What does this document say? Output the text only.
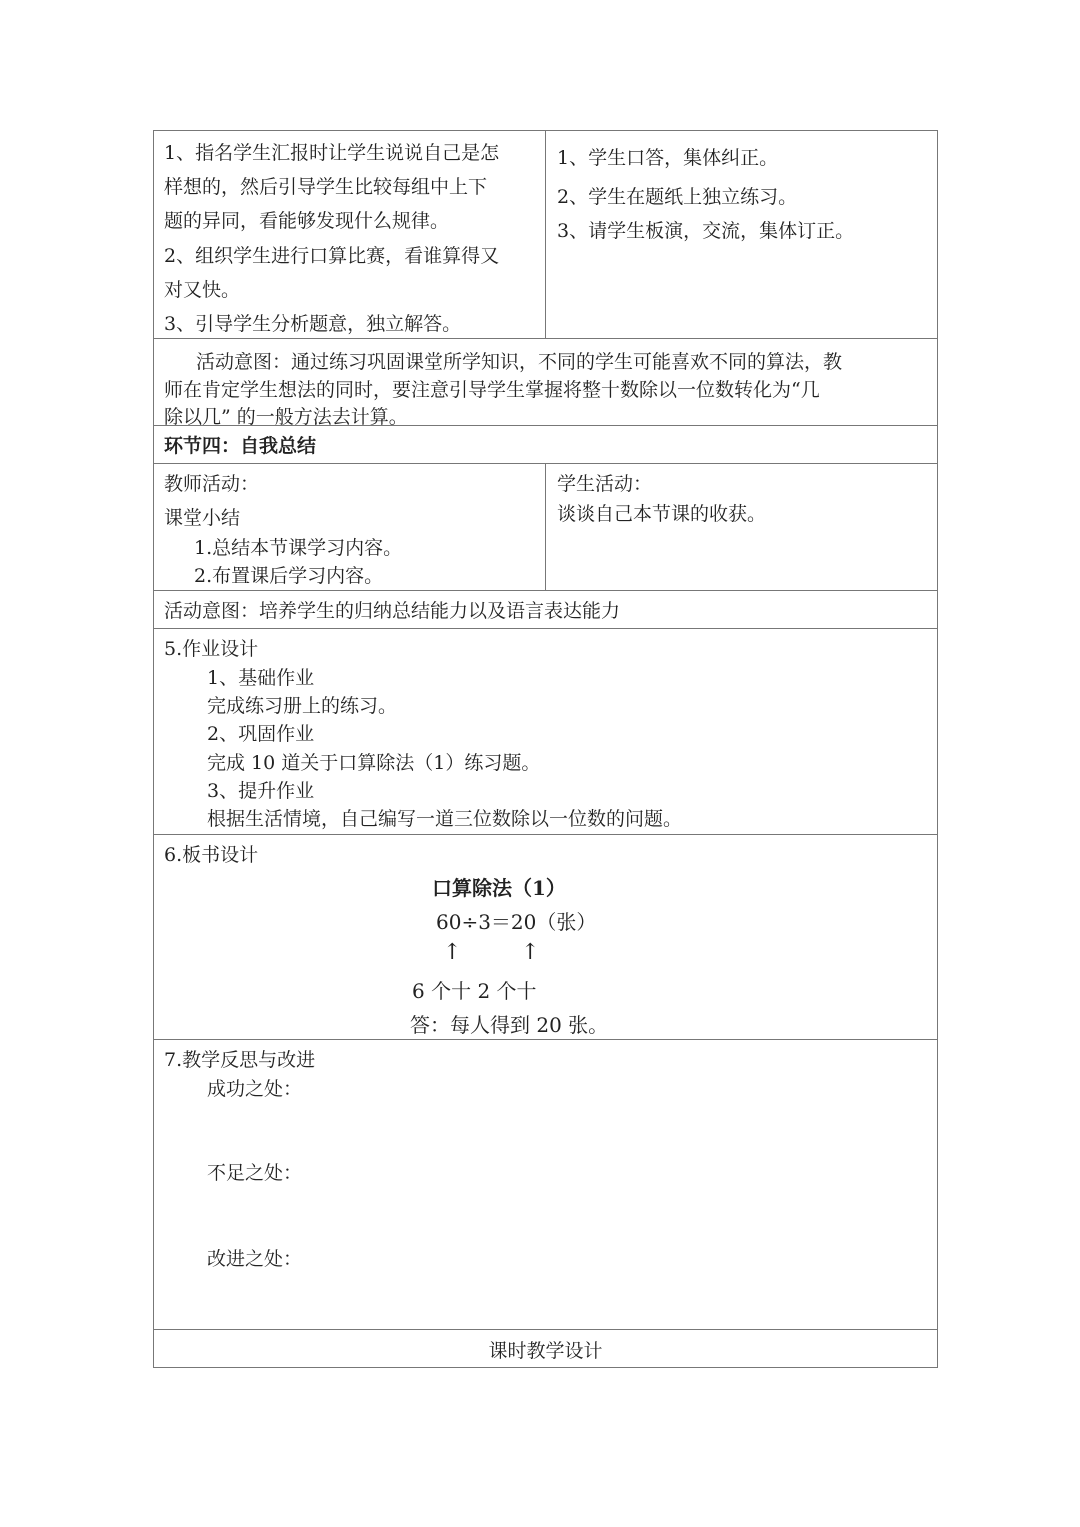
1、指名学生汇报时让学生说说自己是怎
样想的，然后引导学生比较每组中上下
题的异同，看能够发现什么规律。
2、组织学生进行口算比赛，看谁算得又
对又快。
3、引导学生分析题意，独立解答。
1、学生口答，集体纠正。
2、学生在题纸上独立练习。
3、请学生板演，交流，集体订正。
活动意图：通过练习巩固课堂所学知识，不同的学生可能喜欢不同的算法，教
师在肯定学生想法的同时，要注意引导学生掌握将整十数除以一位数转化为“几
除以几” 的一般方法去计算。
环节四：自我总结
教师活动：
课堂小结
1.总结本节课学习内容。
2.布置课后学习内容。
学生活动：
谈谈自己本节课的收获。
活动意图：培养学生的归纳总结能力以及语言表达能力
5.作业设计
1、基础作业
完成练习册上的练习。
2、巩固作业
完成 10 道关于口算除法（1）练习题。
3、提升作业
根据生活情境，自己编写一道三位数除以一位数的问题。
6.板书设计
口算除法（1）
60÷3＝20（张）
↑	↑
6 个十 2 个十
答：每人得到 20 张。
7.教学反思与改进
成功之处：
不足之处：
改进之处：
课时教学设计
